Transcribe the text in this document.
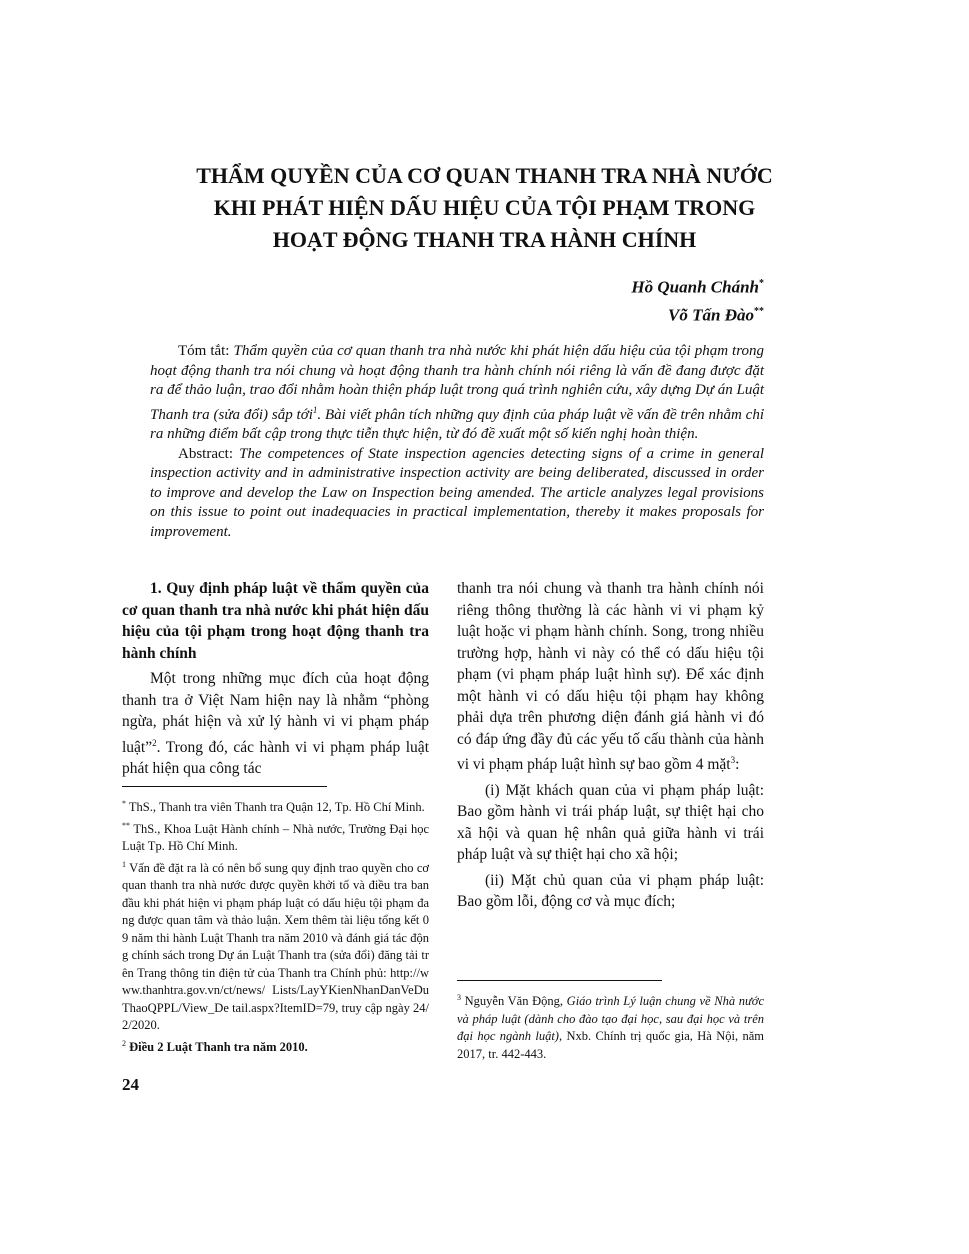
THẨM QUYỀN CỦA CƠ QUAN THANH TRA NHÀ NƯỚC
KHI PHÁT HIỆN DẤU HIỆU CỦA TỘI PHẠM TRONG
HOẠT ĐỘNG THANH TRA HÀNH CHÍNH
Hồ Quanh Chánh*
Võ Tấn Đào**

Tóm tắt: Thẩm quyền của cơ quan thanh tra nhà nước khi phát hiện dấu hiệu của tội phạm trong hoạt động thanh tra nói chung và hoạt động thanh tra hành chính nói riêng là vấn đề đang được đặt ra để thảo luận, trao đổi nhằm hoàn thiện pháp luật trong quá trình nghiên cứu, xây dựng Dự án Luật Thanh tra (sửa đổi) sắp tới$^1$. Bài viết phân tích những quy định của pháp luật về vấn đề trên nhằm chỉ ra những điểm bất cập trong thực tiễn thực hiện, từ đó đề xuất một số kiến nghị hoàn thiện.

Abstract: The competences of State inspection agencies detecting signs of a crime in general inspection activity and in administrative inspection activity are being deliberated, discussed in order to improve and develop the Law on Inspection being amended. The article analyzes legal provisions on this issue to point out inadequacies in practical implementation, thereby it makes proposals for improvement.

1. Quy định pháp luật về thẩm quyền của cơ quan thanh tra nhà nước khi phát hiện dấu hiệu của tội phạm trong hoạt động thanh tra hành chính

Một trong những mục đích của hoạt động thanh tra ở Việt Nam hiện nay là nhằm “phòng ngừa, phát hiện và xử lý hành vi vi phạm pháp luật”$^2$. Trong đó, các hành vi vi phạm pháp luật phát hiện qua công tác

* ThS., Thanh tra viên Thanh tra Quận 12, Tp. Hồ Chí Minh.

** ThS., Khoa Luật Hành chính – Nhà nước, Trường Đại học Luật Tp. Hồ Chí Minh.

$^1$ Vấn đề đặt ra là có nên bổ sung quy định trao quyền cho cơ quan thanh tra nhà nước được quyền khởi tố và điều tra ban đầu khi phát hiện vi phạm pháp luật có dấu hiệu tội phạm đang được quan tâm và thảo luận. Xem thêm tài liệu tổng kết 09 năm thi hành Luật Thanh tra năm 2010 và đánh giá tác động chính sách trong Dự án Luật Thanh tra (sửa đổi) đăng tải trên Trang thông tin điện tử của Thanh tra Chính phủ: http://www.thanhtra.gov.vn/ct/news/ Lists/LayYKienNhanDanVeDuThaoQPPL/View_De tail.aspx?ItemID=79, truy cập ngày 24/2/2020.

$^2$ Điều 2 Luật Thanh tra năm 2010.

thanh tra nói chung và thanh tra hành chính nói riêng thông thường là các hành vi vi phạm kỷ luật hoặc vi phạm hành chính. Song, trong nhiều trường hợp, hành vi này có thể có dấu hiệu tội phạm (vi phạm pháp luật hình sự). Để xác định một hành vi có dấu hiệu tội phạm hay không phải dựa trên phương diện đánh giá hành vi đó có đáp ứng đầy đủ các yếu tố cấu thành của hành vi vi phạm pháp luật hình sự bao gồm 4 mặt$^3$:

(i) Mặt khách quan của vi phạm pháp luật: Bao gồm hành vi trái pháp luật, sự thiệt hại cho xã hội và quan hệ nhân quả giữa hành vi trái pháp luật và sự thiệt hại cho xã hội;

(ii) Mặt chủ quan của vi phạm pháp luật: Bao gồm lỗi, động cơ và mục đích;

$^3$ Nguyễn Văn Động, Giáo trình Lý luận chung về Nhà nước và pháp luật (dành cho đào tạo đại học, sau đại học và trên đại học ngành luật), Nxb. Chính trị quốc gia, Hà Nội, năm 2017, tr. 442-443.

24
